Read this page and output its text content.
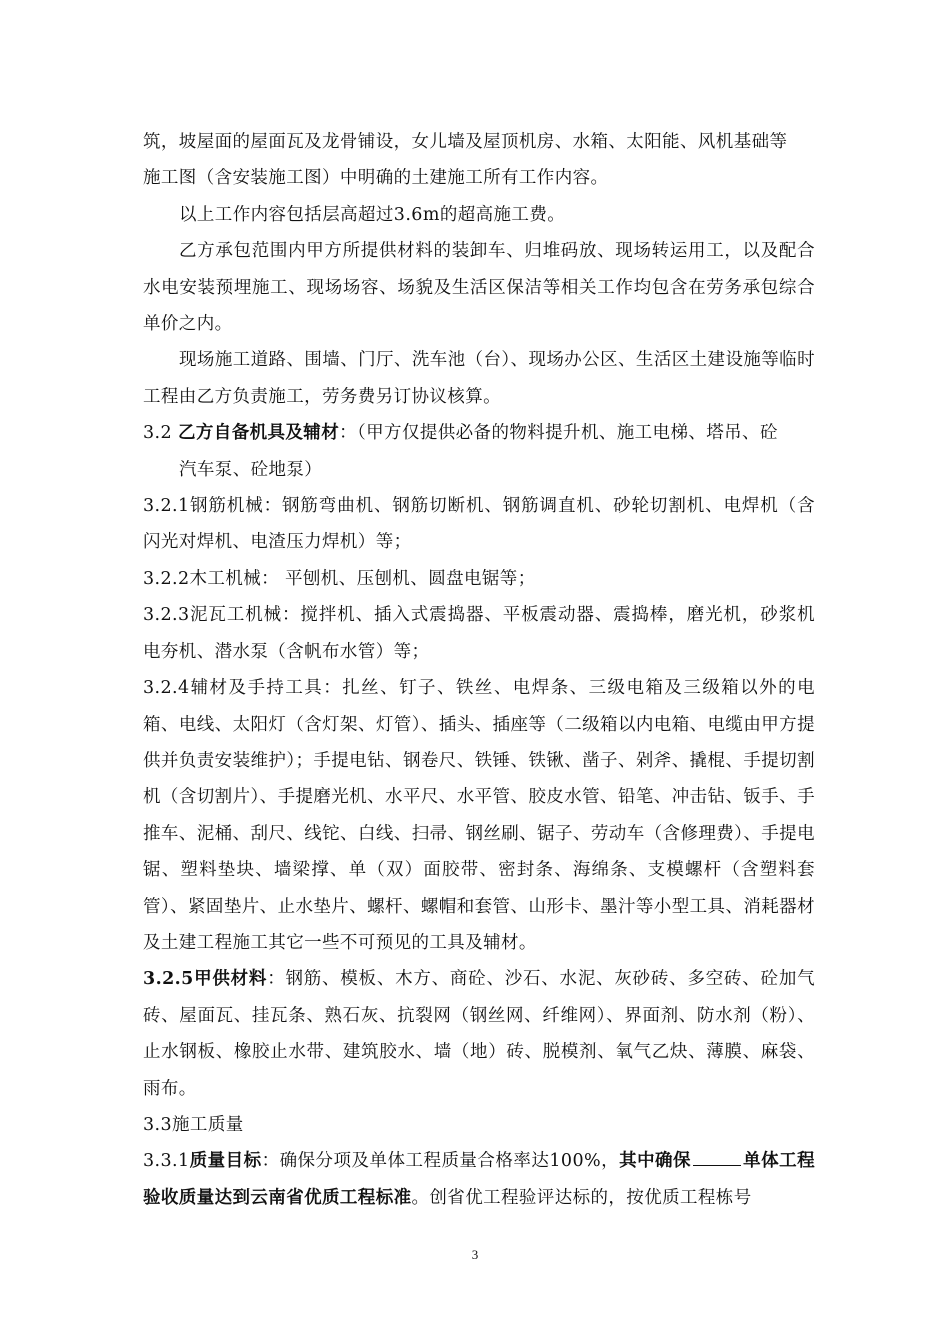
筑，坡屋面的屋面瓦及龙骨铺设，女儿墙及屋顶机房、水箱、太阳能、风机基础等

施工图（含安装施工图）中明确的土建施工所有工作内容。

以上工作内容包括层高超过3.6m的超高施工费。

乙方承包范围内甲方所提供材料的装卸车、归堆码放、现场转运用工，以及配合水电安装预埋施工、现场场容、场貌及生活区保洁等相关工作均包含在劳务承包综合单价之内。

现场施工道路、围墙、门厅、洗车池（台）、现场办公区、生活区土建设施等临时工程由乙方负责施工，劳务费另订协议核算。

3.2 乙方自备机具及辅材：（甲方仅提供必备的物料提升机、施工电梯、塔吊、砼

汽车泵、砼地泵）

3.2.1钢筋机械：钢筋弯曲机、钢筋切断机、钢筋调直机、砂轮切割机、电焊机（含闪光对焊机、电渣压力焊机）等；

3.2.2木工机械： 平刨机、压刨机、圆盘电锯等；

3.2.3泥瓦工机械：搅拌机、插入式震捣器、平板震动器、震捣棒，磨光机，砂浆机电夯机、潜水泵（含帆布水管）等；

3.2.4辅材及手持工具：扎丝、钉子、铁丝、电焊条、三级电箱及三级箱以外的电箱、电线、太阳灯（含灯架、灯管）、插头、插座等（二级箱以内电箱、电缆由甲方提供并负责安装维护）；手提电钻、钢卷尺、铁锤、铁锹、凿子、剁斧、撬棍、手提切割机（含切割片）、手提磨光机、水平尺、水平管、胶皮水管、铅笔、冲击钻、钣手、手推车、泥桶、刮尺、线铊、白线、扫帚、钢丝刷、锯子、劳动车（含修理费）、手提电锯、塑料垫块、墙梁撑、单（双）面胶带、密封条、海绵条、支模螺杆（含塑料套管）、紧固垫片、止水垫片、螺杆、螺帽和套管、山形卡、墨汁等小型工具、消耗器材及土建工程施工其它一些不可预见的工具及辅材。

3.2.5甲供材料：钢筋、模板、木方、商砼、沙石、水泥、灰砂砖、多空砖、砼加气砖、屋面瓦、挂瓦条、熟石灰、抗裂网（钢丝网、纤维网）、界面剂、防水剂（粉）、止水钢板、橡胶止水带、建筑胶水、墙（地）砖、脱模剂、氧气乙炔、薄膜、麻袋、雨布。

3.3施工质量

3.3.1质量目标：确保分项及单体工程质量合格率达100%，其中确保	单体工程验收质量达到云南省优质工程标准。创省优工程验评达标的，按优质工程栋号

3
